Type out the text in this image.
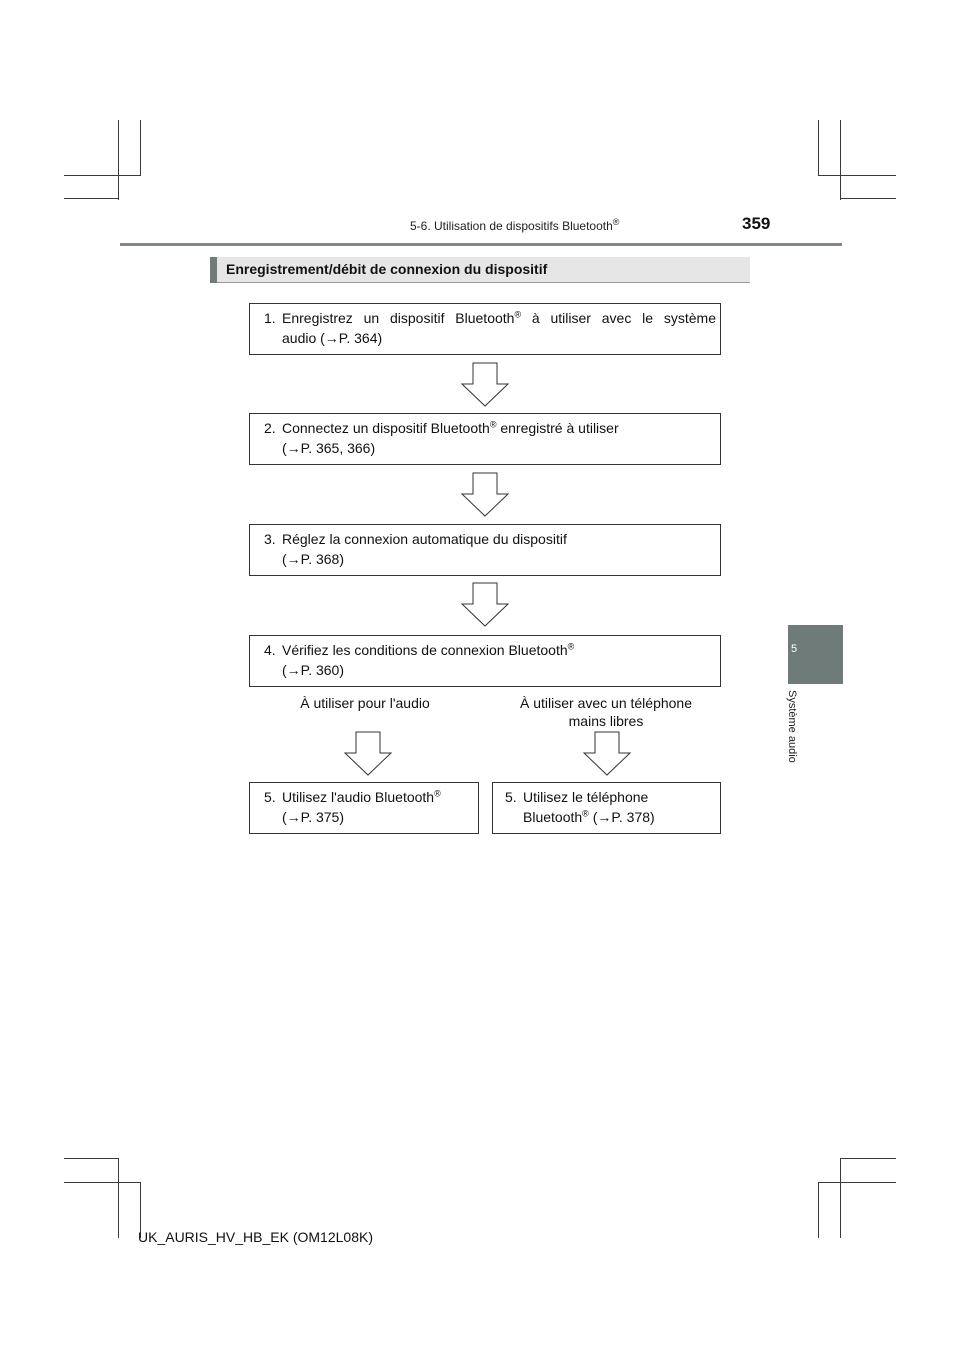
5-6. Utilisation de dispositifs Bluetooth®	359
5
Système audio
Enregistrement/débit de connexion du dispositif
1. Enregistrez un dispositif Bluetooth® à utiliser avec le système
audio (→P. 364)
2. Connectez un dispositif Bluetooth® enregistré à utiliser
(→P. 365, 366)
3. Réglez la connexion automatique du dispositif
(→P. 368)
4. Vérifiez les conditions de connexion Bluetooth®
(→P. 360)
À utiliser pour l'audio	À utiliser avec un téléphone
mains libres
5. Utilisez l'audio Bluetooth®
(→P. 375)
5. Utilisez le téléphone
Bluetooth® (→P. 378)
UK_AURIS_HV_HB_EK (OM12L08K)
